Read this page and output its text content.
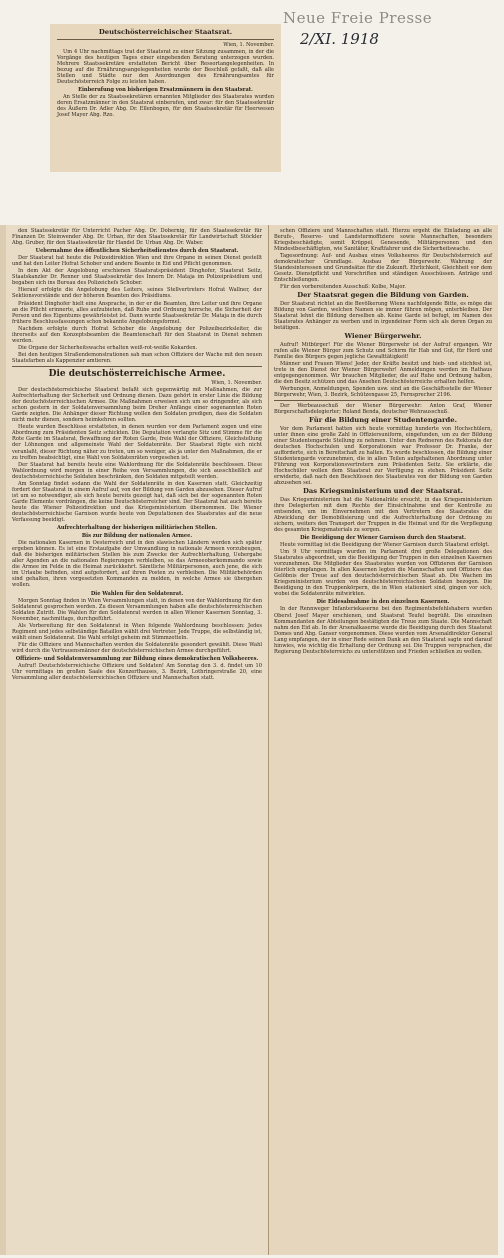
Neue Freie Presse
2/XI. 1918
Deutschösterreichischer Staatsrat.

Wien, 1. November.

Um 4 Uhr nachmittags trat der Staatsrat zu einer Sitzung zusammen, in der die Vorgänge des heutigen Tages einer eingehenden Beratung unterzogen wurden. Mehrere Staatssekretäre erstatteten Bericht über Ressortangelegenheiten. In bezug auf die Ernährungsangelegenheiten wurde der Beschluß gefaßt, daß alle Stellen und Städte nur den Anordnungen des Ernährungsamtes für Deutschösterreich Folge zu leisten haben.

Einberufung von bisherigen Ersatzmännern in den Staatsrat.

An Stelle der zu Staatssekretären ernannten Mitglieder des Staatsrates wurden deren Ersatzmänner in den Staatsrat einberufen, und zwar: für den Staatssekretär des Äußern Dr. Adler Abg. Dr. Ellenbogen, für den Staatssekretär für Heerwesen Josef Mayer Abg. Rzo.

den Staatssekretär für Unterricht Pacher Abg. Dr. Dobernig, für den Staatssekretär für Finanzen Dr. Steinwender Abg. Dr. Urban, für den Staatssekretär für Landwirtschaft Stöckler Abg. Gruber, für den Staatssekretär für Handel Dr. Urban Abg. Dr. Waber.

Uebernahme des öffentlichen Sicherheitsdienstes durch den Staatsrat.

Der Staatsrat hat heute die Polizeidirektion Wien und ihre Organe in seinen Dienst gestellt und hat den Leiter Hofrat Schober und andere Beamte in Eid und Pflicht genommen.

In dem Akt der Angelobung erschienen Staatsratspräsident Dinghofer, Staatsrat Seitz, Staatskanzler Dr. Renner und Staatssekretär des Innern Dr. Mataja im Polizeipräsidium und begaben sich ins Bureau des Polizeichefs Schober.

Hierauf erfolgte die Angelobung des Leiters, seines Stellvertreters Hofrat Wallner, der Sektionsvorstände und der höheren Beamten des Präsidiums.

Präsident Dinghofer hielt eine Ansprache, in der er die Beamten, ihre Leiter und ihre Organe an die Pflicht erinnerte, alles aufzubieten, daß Ruhe und Ordnung herrsche, die Sicherheit der Person und des Eigentums gewährleistet ist. Dann wurde Staatssekretär Dr. Mataja in die durch frühere Beschlussfassungen schon bekannte Angelobungsformel.

Nachdem erfolgte durch Hofrat Schober die Angelobung der Polizeibezirksleiter, die ihrerseits auf den Konzeptsbeamten die Beamtenschaft für den Staatsrat in Dienst nehmen werden.

Die Organe der Sicherheitswache erhalten weiß-rot-weiße Kokarden.

Bei den heutigen Straßendemonstrationen sah man schon Offiziere der Wache mit den neuen Staatsfarben als Kappenzier amtieren.

Die deutschösterreichische Armee.

Wien, 1. November.

Der deutschösterreichische Staatsrat befaßt sich gegenwärtig mit Maßnahmen, die zur Aufrechterhaltung der Sicherheit und Ordnung dienen. Dazu gehört in erster Linie die Bildung der deutschösterreichischen Armee. Die Maßnahmen erweisen sich um so dringender, als sich schon gestern in der Soldatenversammlung beim Dreher Anfänge einer sogenannten Roten Garde zeigten. Die Anhänger dieser Richtung wollen den Soldaten predigen, dass die Soldaten nicht mehr dienen, sondern heimkehren sollten.

Heute wurden Beschlüsse erstatteten, in denen wurden vor dem Parlament zogen und eine Abordnung zum Präsidenten Seitz schickten. Die Deputation verlangte Sitz und Stimme für die Rote Garde im Staatsrat, Bewaffnung der Roten Garde, freie Wahl der Offiziere, Gleichstellung der Löhnungen und allgemeinste Wahl der Soldatenräte. Der Staatsrat fügte sich nicht veranlaßt, dieser Richtung näher zu treten, um so weniger, als ja unter den Maßnahmen, die er zu treffen beabsichtigt, eine Wahl von Soldatenräten vorgesehen ist.

Der Staatsrat hat bereits heute eine Wahlordnung für die Soldatenräte beschlossen. Diese Wahlordnung wird morgen in einer Reihe von Versammlungen, die sich ausschließlich auf deutschösterreichische Soldaten beschränken, den Soldaten mitgeteilt werden.

Am Sonntag findet sodann die Wahl der Soldatenräte in den Kasernen statt. Gleichzeitig fordert der Staatsrat in einem Aufruf auf, von der Bildung von Garden abzusehen. Dieser Aufruf ist um so notwendiger, als sich heute bereits gezeigt hat, daß sich bei der sogenannten Roten Garde Elemente vordrängen, die keine Deutschösterreicher sind. Der Staatsrat hat auch bereits heute die Wiener Polizeidirektion und das Kriegsministerium übernommen. Die Wiener deutschösterreichische Garnison wurde heute von Deputationen des Staatsrates auf die neue Verfassung beeidigt.

Aufrechterhaltung der bisherigen militärischen Stellen.
Bis zur Bildung der nationalen Armee.

Die nationalen Kasernen in Oesterreich und in den slawischen Ländern werden sich später ergeben können. Es ist eine Erstaufgabe der Umwandlung in nationale Armeen vorzubeugen, daß die bisherigen militärischen Stellen bis zum Zwecke der Aufrechterhaltung, Uebergabe aller Agenden an die nationalen Regierungen verbleiben, so das Armeeoberkommando sowie die Armee im Felde in die Heimat zurückkehrt. Sämtliche Militärpersonen, auch jene, die sich im Urlaube befinden, sind aufgefordert, auf ihren Posten zu verbleiben. Die Militärbehörden sind gehalten, ihren vorgesetzten Kommanden zu melden, in welche Armee sie übergehen wollen.

Die Wahlen für den Soldatenrat.

Morgen Sonntag finden in Wien Versammlungen statt, in denen von der Wahlordnung für den Soldatenrat gesprochen werden. Zu diesen Versammlungen haben alle deutschösterreichischen Soldaten Zutritt. Die Wahlen für den Soldatenrat werden in allen Wiener Kasernen Sonntag, 3. November, nachmittags, durchgeführt.

Als Vorbereitung für den Soldatenrat in Wien folgende Wahlordnung beschlossen: Jedes Regiment und jedes selbständige Bataillon wählt drei Vertreter. Jede Truppe, die selbständig ist, wählt einen Soldatenrat. Die Wahl erfolgt geheim mit Stimmzetteln.

Für die Offiziere und Mannschaften werden die Soldatenräte gesondert gewählt. Diese Wahl wird durch die Vertrauensmänner der deutschösterreichischen Armee durchgeführt.

Offiziers- und Soldatenversammlung zur Bildung eines demokratischen Volksheeres.

Aufruf! Deutschösterreichische Offiziere und Soldaten! Am Sonntag den 3. d. findet um 10 Uhr vormittags im großen Saale des Konzerthauses, 3. Bezirk, Lothringerstraße 20, eine Versammlung aller deutschösterreichischen Offiziere und Mannschaften statt.

schen Offiziere und Mannschaften statt. Hierzu ergeht die Einladung an alle Berufs-, Reserve- und Landsturmoffiziere sowie Mannschaften, besonders Kriegsbeschädigte, somit Krüppel, Genesende, Militärpersonen und den Mindestbeschäftigten, wie Sanitäter, Kraftfahrer und die Sicherheitswache.

Tagesordnung: Auf- und Ausbau eines Volksheeres für Deutschösterreich auf demokratischer Grundlage. Ausbau der Bürgerwehr. Wahrung der Standesinteressen und Grundsätze für die Zukunft. Ehrlichkeit, Gleichheit vor dem Gesetz. Dienstpflicht und Vorschriften und ständigen Ausschüssen. Anträge und Entschließungen.

Für den vorbereitenden Ausschuß: Kolbe, Major.

Der Staatsrat gegen die Bildung von Garden.

Der Staatsrat richtet an die Bevölkerung Wiens nachfolgende Bitte, es möge die Bildung von Garden, welchen Namen sie immer führen mögen, unterbleiben. Der Staatsrat lehnt die Bildung derselben ab. Keine Garde ist befugt, im Namen des Staatsrates Anhänger zu werben und in irgendeiner Form sich als deren Organ zu betätigen.

Wiener Bürgerwehr.

Aufruf! Mitbürger! Für die Wiener Bürgerwehr ist der Aufruf ergangen. Wir rufen alle Wiener Bürger zum Schutz und Schirm für Hab und Gut, für Herd und Familie des Bürgers gegen jegliche Gewalttätigkeit!

Männer und Frauen Wiens! Jeder, der Kräfte besitzt und hieb- und stichfest ist, trete in den Dienst der Wiener Bürgerwehr! Anmeldungen werden im Rathaus entgegengenommen. Wir brauchen Mitglieder, die auf Ruhe und Ordnung halten, die den Besitz schützen und das Ansehen Deutschösterreichs erhalten helfen.

Werbungen, Anmeldungen, Spenden usw. sind an die Geschäftsstelle der Wiener Bürgerwehr, Wien, 3. Bezirk, Schützengasse 25, Fernsprecher 2196.

Der Werbeausschuß der Wiener Bürgerwehr: Anton Graf, Wiener Bürgerschaftsdelegierter; Roland Benda, deutscher Wehrausschuß.

Für die Bildung einer Studentengarde.

Vor dem Parlament hatten sich heute vormittag hunderte von Hochschülern, unter ihnen eine große Zahl in Offiziersuniform, eingefunden, um zu der Bildung einer Studentengarde Stellung zu nehmen. Unter den Redneren des Rektorats der deutschen Hochschulen und Korporationen war Professor Dr. Franke, der aufforderte, sich in Bereitschaft zu halten. Es wurde beschlossen, die Bildung einer Studentengarde vorzunehmen, die in allen Teilen aufgehaltenen Abordnung unter Führung von Korporationsvertretern zum Präsidenten Seitz. Sie erklärte, die Hochschüler wollen dem Staatsrat zur Verfügung zu stehen. Präsident Seitz erwiderte, daß nach den Beschlüssen des Staatsrates von der Bildung von Garden abzusehen sei.

Das Kriegsministerium und der Staatsrat.

Das Kriegsministerium hat die Nationalräte ersucht, in das Kriegsministerium ihre Delegierten mit dem Rechte der Einsichtnahme und der Kontrolle zu entsenden, um im Einvernehmen mit den Vertretern des Staatsrates die Abwicklung der Demobilisierung und die Aufrechterhaltung der Ordnung zu sichern, weiters den Transport der Truppen in die Heimat und für die Verpflegung des gesamten Kriegsmaterials zu sorgen.

Die Beeidigung der Wiener Garnison durch den Staatsrat.

Heute vormittag ist die Beeidigung der Wiener Garnison durch Staatsrat erfolgt.

Um 9 Uhr vormittags wurden im Parlament drei große Delegationen des Staatsrates abgeordnet, um die Beeidigung der Truppen in den einzelnen Kasernen vorzunehmen. Die Mitglieder des Staatsrates wurden von Offizieren der Garnison feierlich empfangen. In allen Kasernen legten die Mannschaften und Offiziere das Gelöbnis der Treue auf den deutschösterreichischen Staat ab. Die Wachen im Kriegsministerium wurden von deutschösterreichischen Soldaten bezogen. Die Beeidigung in den Truppenkörpern, die in Wien stationiert sind, gingen vor sich, wobei die Soldatenräte mitwirkten.

Die Eidesabnahme in den einzelnen Kasernen.

In der Rennweger Infanteriekaserne bei den Regimentsbefehlshabern wurden Oberst Josef Mayer erschienen, und Staatsrat Teufel begrüßt. Die einzelnen Kommandanten der Abteilungen bestätigten die Treue zum Staate. Die Mannschaft nahm den Eid ab. In der Arsenalkaserne wurde die Beeidigung durch den Staatsrat Domes und Abg. Ganser vorgenommen. Diese wurden vom Arsenaldirektor General Lang empfangen, der in einer Rede seinen Dank an den Staatsrat sagte und darauf hinwies, wie wichtig die Erhaltung der Ordnung sei. Die Truppen versprachen, die Regierung Deutschösterreichs zu unterstützen und Frieden schließen zu wollen.
